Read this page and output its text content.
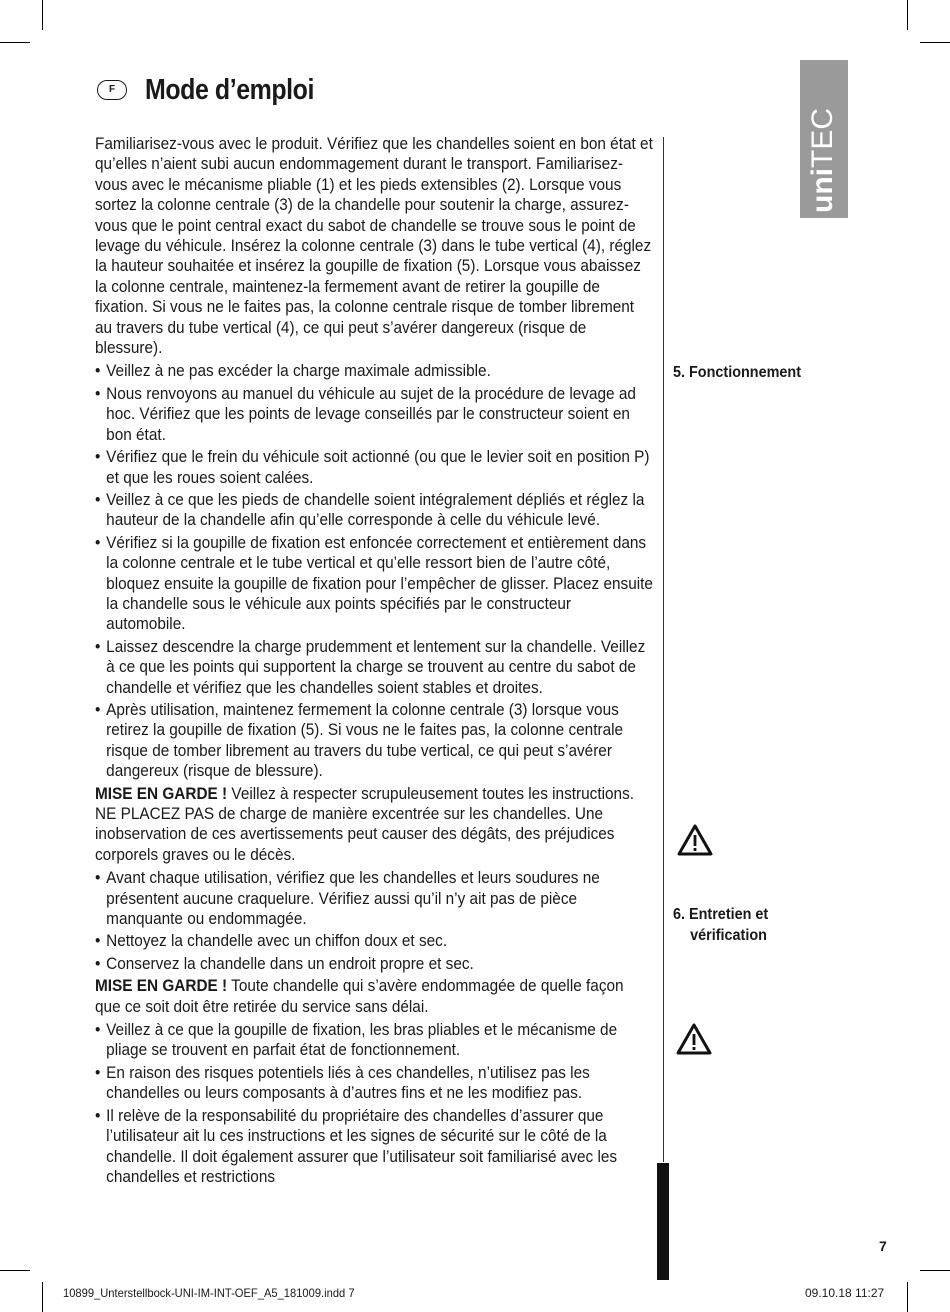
F	Mode d’emploi
uniTEC

Familiarisez-vous avec le produit. Vérifiez que les chandelles soient en bon état et qu’elles n’aient subi aucun endommagement durant le transport. Familiarisez-vous avec le mécanisme pliable (1) et les pieds extensibles (2). Lorsque vous sortez la colonne centrale (3) de la chandelle pour soutenir la charge, assurez-vous que le point central exact du sabot de chandelle se trouve sous le point de levage du véhicule. Insérez la colonne centrale (3) dans le tube vertical (4), réglez la hauteur souhaitée et insérez la goupille de fixation (5). Lorsque vous abaissez la colonne centrale, maintenez-la fermement avant de retirer la goupille de fixation. Si vous ne le faites pas, la colonne centrale risque de tomber librement au travers du tube vertical (4), ce qui peut s’avérer dangereux (risque de blessure).

• Veillez à ne pas excéder la charge maximale admissible.
• Nous renvoyons au manuel du véhicule au sujet de la procédure de levage ad hoc. Vérifiez que les points de levage conseillés par le constructeur soient en bon état.
• Vérifiez que le frein du véhicule soit actionné (ou que le levier soit en position P) et que les roues soient calées.
• Veillez à ce que les pieds de chandelle soient intégralement dépliés et réglez la hauteur de la chandelle afin qu’elle corresponde à celle du véhicule levé.
• Vérifiez si la goupille de fixation est enfoncée correctement et entièrement dans la colonne centrale et le tube vertical et qu’elle ressort bien de l’autre côté, bloquez ensuite la goupille de fixation pour l’empêcher de glisser. Placez ensuite la chandelle sous le véhicule aux points spécifiés par le constructeur automobile.
• Laissez descendre la charge prudemment et lentement sur la chandelle. Veillez à ce que les points qui supportent la charge se trouvent au centre du sabot de chandelle et vérifiez que les chandelles soient stables et droites.
• Après utilisation, maintenez fermement la colonne centrale (3) lorsque vous retirez la goupille de fixation (5). Si vous ne le faites pas, la colonne centrale risque de tomber librement au travers du tube vertical, ce qui peut s’avérer dangereux (risque de blessure).

MISE EN GARDE ! Veillez à respecter scrupuleusement toutes les instructions. NE PLACEZ PAS de charge de manière excentrée sur les chandelles. Une inobservation de ces avertissements peut causer des dégâts, des préjudices corporels graves ou le décès.

• Avant chaque utilisation, vérifiez que les chandelles et leurs soudures ne présentent aucune craquelure. Vérifiez aussi qu’il n’y ait pas de pièce manquante ou endommagée.
• Nettoyez la chandelle avec un chiffon doux et sec.
• Conservez la chandelle dans un endroit propre et sec.

MISE EN GARDE ! Toute chandelle qui s’avère endommagée de quelle façon que ce soit doit être retirée du service sans délai.

• Veillez à ce que la goupille de fixation, les bras pliables et le mécanisme de pliage se trouvent en parfait état de fonctionnement.
• En raison des risques potentiels liés à ces chandelles, n’utilisez pas les chandelles ou leurs composants à d’autres fins et ne les modifiez pas.
• Il relève de la responsabilité du propriétaire des chandelles d’assurer que l’utilisateur ait lu ces instructions et les signes de sécurité sur le côté de la chandelle. Il doit également assurer que l’utilisateur soit familiarisé avec les chandelles et restrictions
5. Fonctionnement
6. Entretien et
vérification
7
10899_Unterstellbock-UNI-IM-INT-OEF_A5_181009.indd 7	09.10.18 11:27
